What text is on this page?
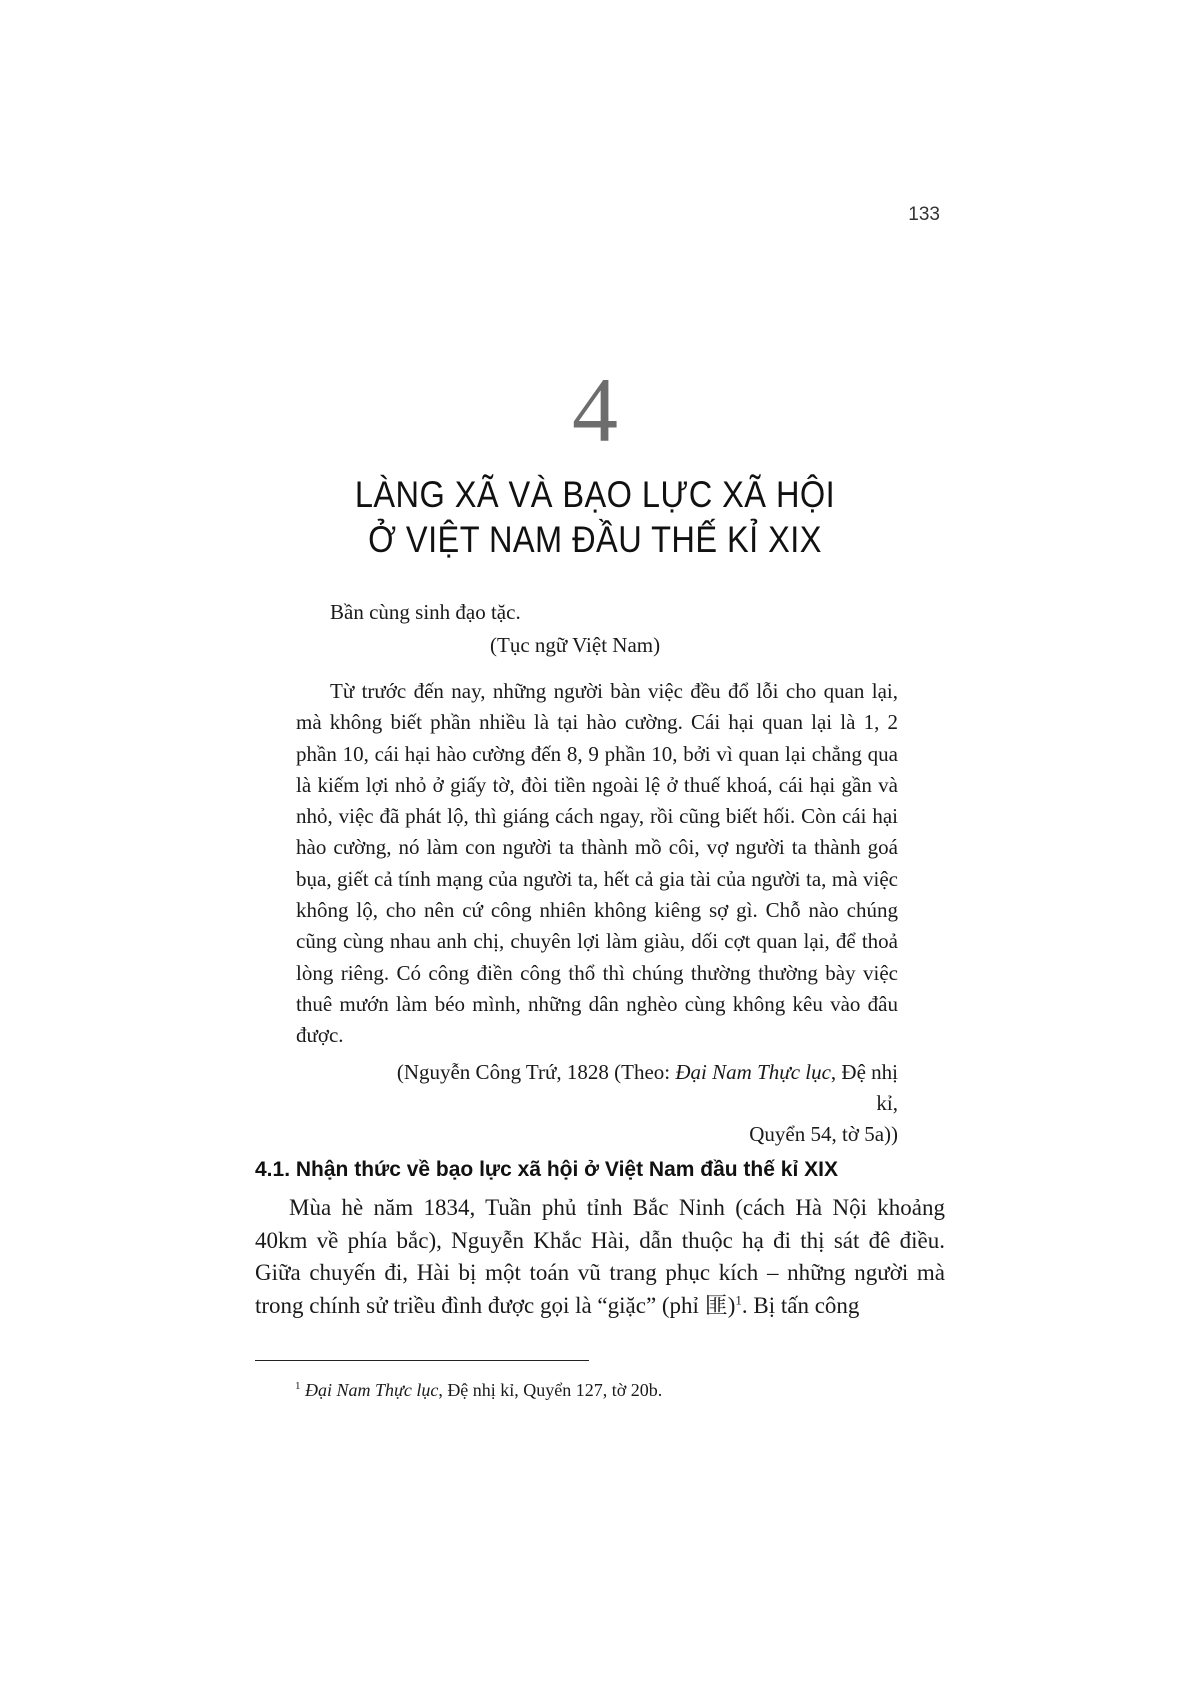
133
4
LÀNG XÃ VÀ BẠO LỰC XÃ HỘI
Ở VIỆT NAM ĐẦU THẾ KỈ XIX
Bần cùng sinh đạo tặc.
(Tục ngữ Việt Nam)

Từ trước đến nay, những người bàn việc đều đổ lỗi cho quan lại, mà không biết phần nhiều là tại hào cường. Cái hại quan lại là 1, 2 phần 10, cái hại hào cường đến 8, 9 phần 10, bởi vì quan lại chẳng qua là kiếm lợi nhỏ ở giấy tờ, đòi tiền ngoài lệ ở thuế khoá, cái hại gần và nhỏ, việc đã phát lộ, thì giáng cách ngay, rồi cũng biết hối. Còn cái hại hào cường, nó làm con người ta thành mồ côi, vợ người ta thành goá bụa, giết cả tính mạng của người ta, hết cả gia tài của người ta, mà việc không lộ, cho nên cứ công nhiên không kiêng sợ gì. Chỗ nào chúng cũng cùng nhau anh chị, chuyên lợi làm giàu, dối cợt quan lại, để thoả lòng riêng. Có công điền công thổ thì chúng thường thường bày việc thuê mướn làm béo mình, những dân nghèo cùng không kêu vào đâu được.

(Nguyễn Công Trứ, 1828 (Theo: Đại Nam Thực lục, Đệ nhị kỉ,
Quyển 54, tờ 5a))
4.1. Nhận thức về bạo lực xã hội ở Việt Nam đầu thế kỉ XIX

Mùa hè năm 1834, Tuần phủ tỉnh Bắc Ninh (cách Hà Nội khoảng 40km về phía bắc), Nguyễn Khắc Hài, dẫn thuộc hạ đi thị sát đê điều. Giữa chuyến đi, Hài bị một toán vũ trang phục kích – những người mà trong chính sử triều đình được gọi là “giặc” (phỉ 匪)$^1$. Bị tấn công

$^1$ Đại Nam Thực lục, Đệ nhị kỉ, Quyển 127, tờ 20b.
